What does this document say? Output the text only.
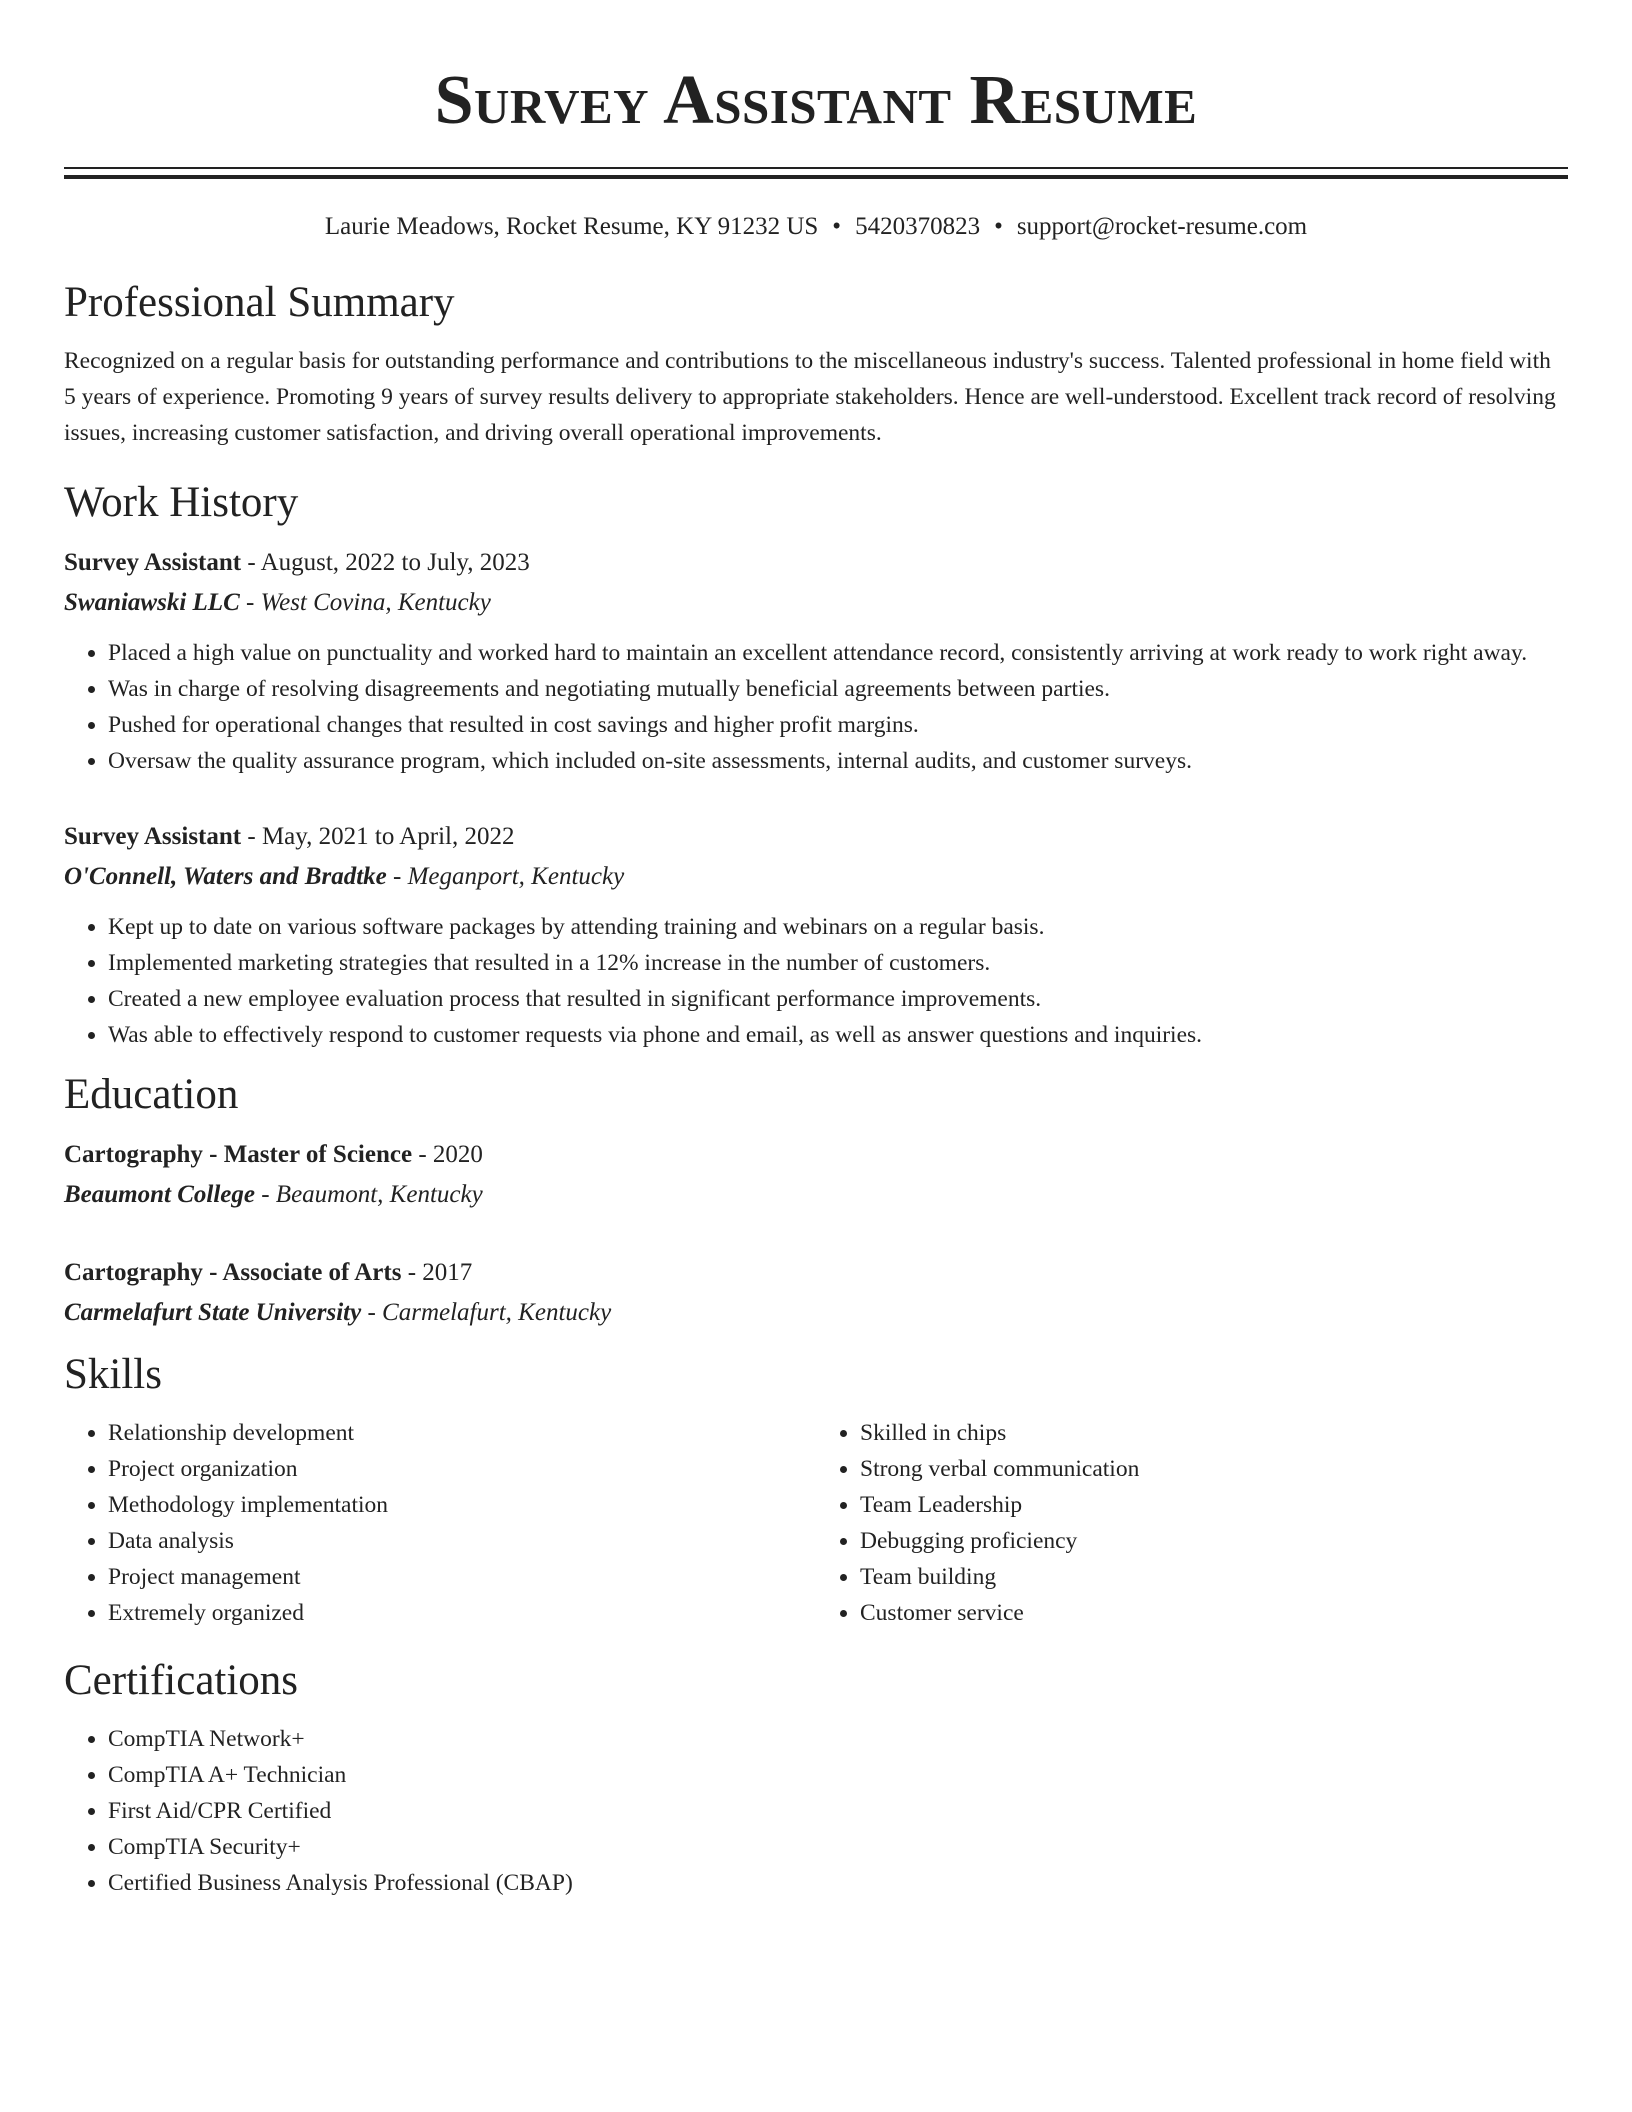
Survey Assistant Resume
Laurie Meadows, Rocket Resume, KY 91232 US • 5420370823 • support@rocket-resume.com
Professional Summary

Recognized on a regular basis for outstanding performance and contributions to the miscellaneous industry's success. Talented professional in home field with 5 years of experience. Promoting 9 years of survey results delivery to appropriate stakeholders. Hence are well-understood. Excellent track record of resolving issues, increasing customer satisfaction, and driving overall operational improvements.

Work History
Survey Assistant - August, 2022 to July, 2023
Swaniawski LLC - West Covina, Kentucky
• Placed a high value on punctuality and worked hard to maintain an excellent attendance record, consistently arriving at work ready to work right away.
• Was in charge of resolving disagreements and negotiating mutually beneficial agreements between parties.
• Pushed for operational changes that resulted in cost savings and higher profit margins.
• Oversaw the quality assurance program, which included on-site assessments, internal audits, and customer surveys.
Survey Assistant - May, 2021 to April, 2022
O'Connell, Waters and Bradtke - Meganport, Kentucky
• Kept up to date on various software packages by attending training and webinars on a regular basis.
• Implemented marketing strategies that resulted in a 12% increase in the number of customers.
• Created a new employee evaluation process that resulted in significant performance improvements.
• Was able to effectively respond to customer requests via phone and email, as well as answer questions and inquiries.
Education
Cartography - Master of Science - 2020
Beaumont College - Beaumont, Kentucky
Cartography - Associate of Arts - 2017
Carmelafurt State University - Carmelafurt, Kentucky
Skills
• Relationship development
• Project organization
• Methodology implementation
• Data analysis
• Project management
• Extremely organized
• Skilled in chips
• Strong verbal communication
• Team Leadership
• Debugging proficiency
• Team building
• Customer service
Certifications
• CompTIA Network+
• CompTIA A+ Technician
• First Aid/CPR Certified
• CompTIA Security+
• Certified Business Analysis Professional (CBAP)
